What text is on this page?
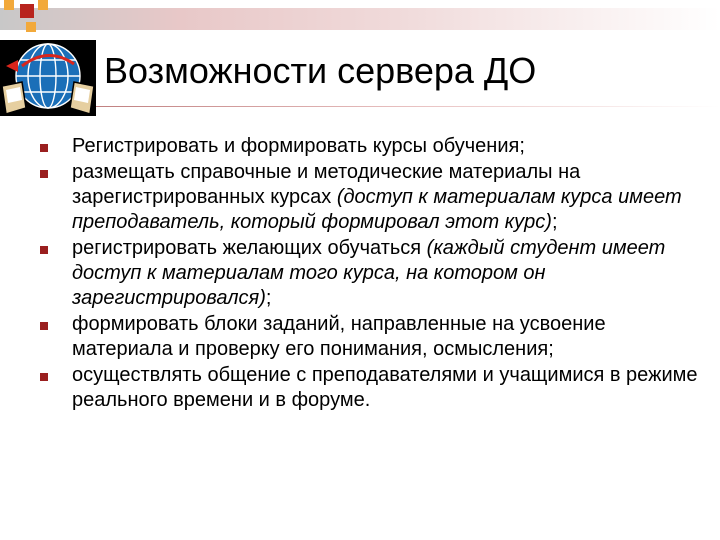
Возможности сервера ДО
Регистрировать и формировать курсы обучения;
размещать справочные и методические материалы на зарегистрированных курсах (доступ к материалам курса имеет преподаватель, который формировал этот курс);
регистрировать желающих обучаться (каждый студент имеет доступ к материалам того курса, на котором он зарегистрировался);
формировать блоки заданий, направленные на усвоение материала и проверку его понимания, осмысления;
осуществлять общение с преподавателями и учащимися в режиме реального времени и в форуме.
